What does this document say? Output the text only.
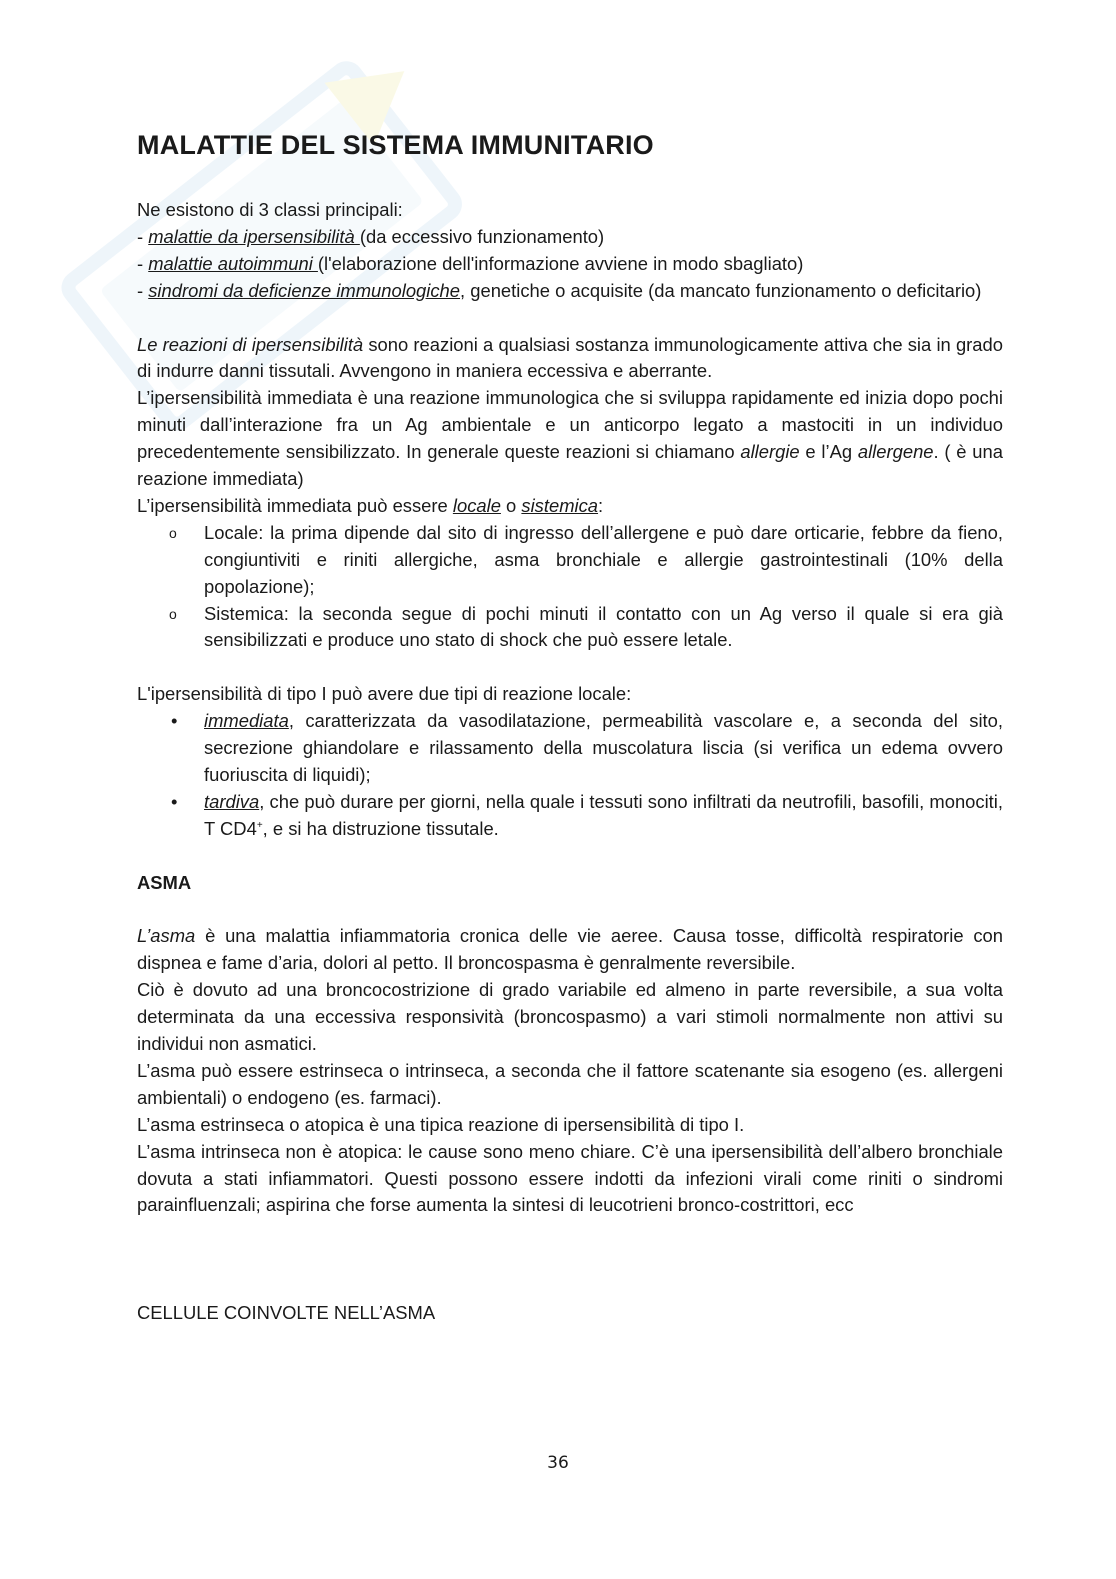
MALATTIE DEL SISTEMA IMMUNITARIO

Ne esistono di 3 classi principali:

- malattie da ipersensibilità (da eccessivo funzionamento)

- malattie autoimmuni (l'elaborazione dell'informazione avviene in modo sbagliato)

- sindromi da deficienze immunologiche, genetiche o acquisite (da mancato funzionamento o deficitario)

Le reazioni di ipersensibilità sono reazioni a qualsiasi sostanza immunologicamente attiva che sia in grado di indurre danni tissutali. Avvengono in maniera eccessiva e aberrante.

L’ipersensibilità immediata è una reazione immunologica che si sviluppa rapidamente ed inizia dopo pochi minuti dall’interazione fra un Ag ambientale e un anticorpo legato a mastociti in un individuo precedentemente sensibilizzato. In generale queste reazioni si chiamano allergie e l’Ag allergene. ( è una reazione immediata)

L’ipersensibilità immediata può essere locale o sistemica:

o Locale: la prima dipende dal sito di ingresso dell’allergene e può dare orticarie, febbre da fieno, congiuntiviti e riniti allergiche, asma bronchiale e allergie gastrointestinali (10% della popolazione);
o Sistemica: la seconda segue di pochi minuti il contatto con un Ag verso il quale si era già sensibilizzati e produce uno stato di shock che può essere letale.

L'ipersensibilità di tipo I può avere due tipi di reazione locale:

• immediata, caratterizzata da vasodilatazione, permeabilità vascolare e, a seconda del sito, secrezione ghiandolare e rilassamento della muscolatura liscia (si verifica un edema ovvero fuoriuscita di liquidi);
• tardiva, che può durare per giorni, nella quale i tessuti sono infiltrati da neutrofili, basofili, monociti, T CD4+, e si ha distruzione tissutale.

ASMA

L’asma è una malattia infiammatoria cronica delle vie aeree. Causa tosse, difficoltà respiratorie con dispnea e fame d’aria, dolori al petto. Il broncospasma è genralmente reversibile.

Ciò è dovuto ad una broncocostrizione di grado variabile ed almeno in parte reversibile, a sua volta determinata da una eccessiva responsività (broncospasmo) a vari stimoli normalmente non attivi su individui non asmatici.

L’asma può essere estrinseca o intrinseca, a seconda che il fattore scatenante sia esogeno (es. allergeni ambientali) o endogeno (es. farmaci).

L’asma estrinseca o atopica è una tipica reazione di ipersensibilità di tipo I.

L’asma intrinseca non è atopica: le cause sono meno chiare. C’è una ipersensibilità dell’albero bronchiale dovuta a stati infiammatori. Questi possono essere indotti da infezioni virali come riniti o sindromi parainfluenzali; aspirina che forse aumenta la sintesi di leucotrieni bronco-costrittori, ecc

CELLULE COINVOLTE NELL’ASMA

36
